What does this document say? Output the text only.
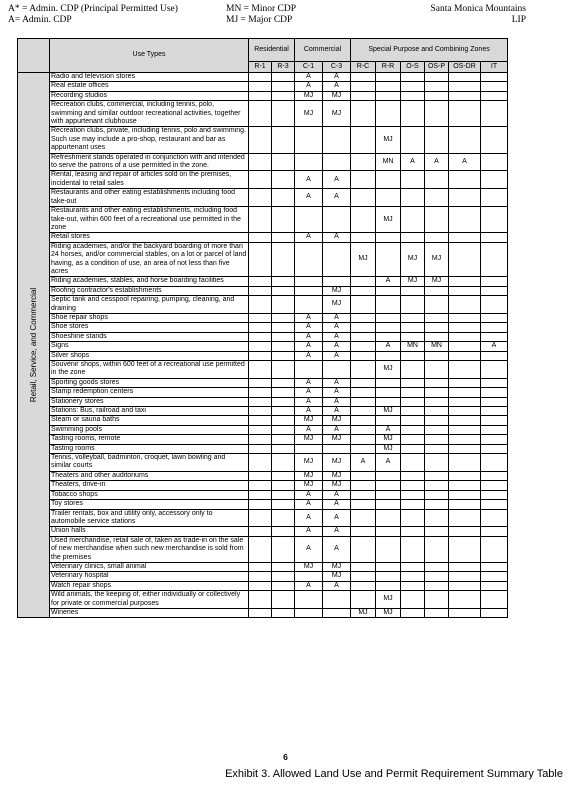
A* = Admin. CDP (Principal Permitted Use)
A= Admin. CDP
MN = Minor CDP
MJ = Major CDP
Santa Monica Mountains
LIP
	Use Types	Residential		Commercial		Special Purpose and Combining Zones					
		R-1	R-3	C-1	C-3	R-C	R-R	O-S	OS-P	OS-DR	IT

Retail, Service, and Commercial	Radio and television stores			A	A						
	Real estate offices			A	A						
	Recording studios			MJ	MJ						
	Recreation clubs, commercial, including tennis, polo, swimming and similar outdoor recreational activities, together with appurtenant clubhouse			MJ	MJ						
	Recreation clubs, private, including tennis, polo and swimming. Such use may include a pro-shop, restaurant and bar as appurtenant uses						MJ				
	Refreshment stands operated in conjunction with and intended to serve the patrons of a use permitted in the zone.						MN	A	A	A	
	Rental, leasing and repair of articles sold on the premises, incidental to retail sales			A	A						
	Restaurants and other eating establishments including food take-out			A	A						
	Restaurants and other eating establishments, including food take-out, within 600 feet of a recreational use permitted in the zone						MJ				
	Retail stores			A	A						
	Riding academies, and/or the backyard boarding of more than 24 horses, and/or commercial stables, on a lot or parcel of land having, as a condition of use, an area of not less than five acres					MJ		MJ	MJ		
	Riding academies, stables, and horse boarding facilities						A	MJ	MJ		
	Roofing contractor's establishments				MJ						
	Septic tank and cesspool repairing, pumping, cleaning, and draining				MJ						
	Shoe repair shops			A	A						
	Shoe stores			A	A						
	Shoeshine stands			A	A						
	Signs			A	A		A	MN	MN		A
	Silver shops			A	A						
	Souvenir shops, within 600 feet of a recreational use permitted in the zone						MJ				
	Sporting goods stores			A	A						
	Stamp redemption centers			A	A						
	Stationery stores			A	A						
	Stations: Bus, railroad and taxi			A	A		MJ				
	Steam or sauna baths			MJ	MJ						
	Swimming pools			A	A		A				
	Tasting rooms, remote			MJ	MJ		MJ				
	Tasting rooms						MJ				
	Tennis, volleyball, badminton, croquet, lawn bowling and similar courts			MJ	MJ	A	A				
	Theaters and other auditoriums			MJ	MJ						
	Theaters, drive-in			MJ	MJ						
	Tobacco shops			A	A						
	Toy stores			A	A						
	Trailer rentals, box and utility only, accessory only to automobile service stations			A	A						
	Union halls			A	A						
	Used merchandise, retail sale of, taken as trade-in on the sale of new merchandise when such new merchandise is sold from the premises			A	A						
	Veterinary clinics, small animal			MJ	MJ						
	Veterinary hospital				MJ						
	Watch repair shops			A	A						
	Wild animals, the keeping of, either individually or collectively for private or commercial purposes						MJ				
	Wineries					MJ	MJ				
6
Exhibit 3. Allowed Land Use and Permit Requirement Summary Table
